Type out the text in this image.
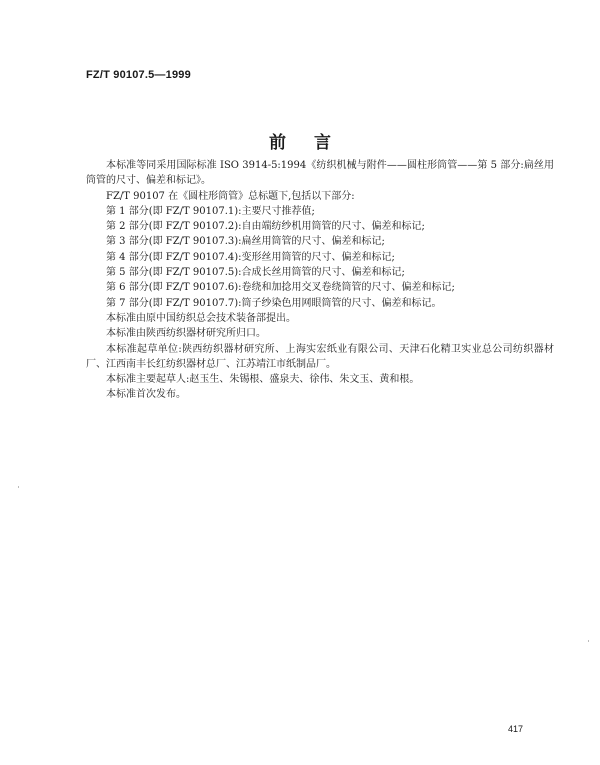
FZ/T 90107.5—1999
前言

本标准等同采用国际标准 ISO 3914-5:1994《纺织机械与附件——圆柱形筒管——第 5 部分:扁丝用筒管的尺寸、偏差和标记》。

FZ/T 90107 在《圆柱形筒管》总标题下,包括以下部分:

第 1 部分(即 FZ/T 90107.1):主要尺寸推荐值;

第 2 部分(即 FZ/T 90107.2):自由端纺纱机用筒管的尺寸、偏差和标记;

第 3 部分(即 FZ/T 90107.3):扁丝用筒管的尺寸、偏差和标记;

第 4 部分(即 FZ/T 90107.4):变形丝用筒管的尺寸、偏差和标记;

第 5 部分(即 FZ/T 90107.5):合成长丝用筒管的尺寸、偏差和标记;

第 6 部分(即 FZ/T 90107.6):卷绕和加捻用交叉卷绕筒管的尺寸、偏差和标记;

第 7 部分(即 FZ/T 90107.7):筒子纱染色用网眼筒管的尺寸、偏差和标记。

本标准由原中国纺织总会技术装备部提出。

本标准由陕西纺织器材研究所归口。

本标准起草单位:陕西纺织器材研究所、上海实宏纸业有限公司、天津石化精卫实业总公司纺织器材厂、江西南丰长红纺织器材总厂、江苏靖江市纸制品厂。

本标准主要起草人:赵玉生、朱锡根、盛泉夫、徐伟、朱文玉、黄和根。

本标准首次发布。

417
